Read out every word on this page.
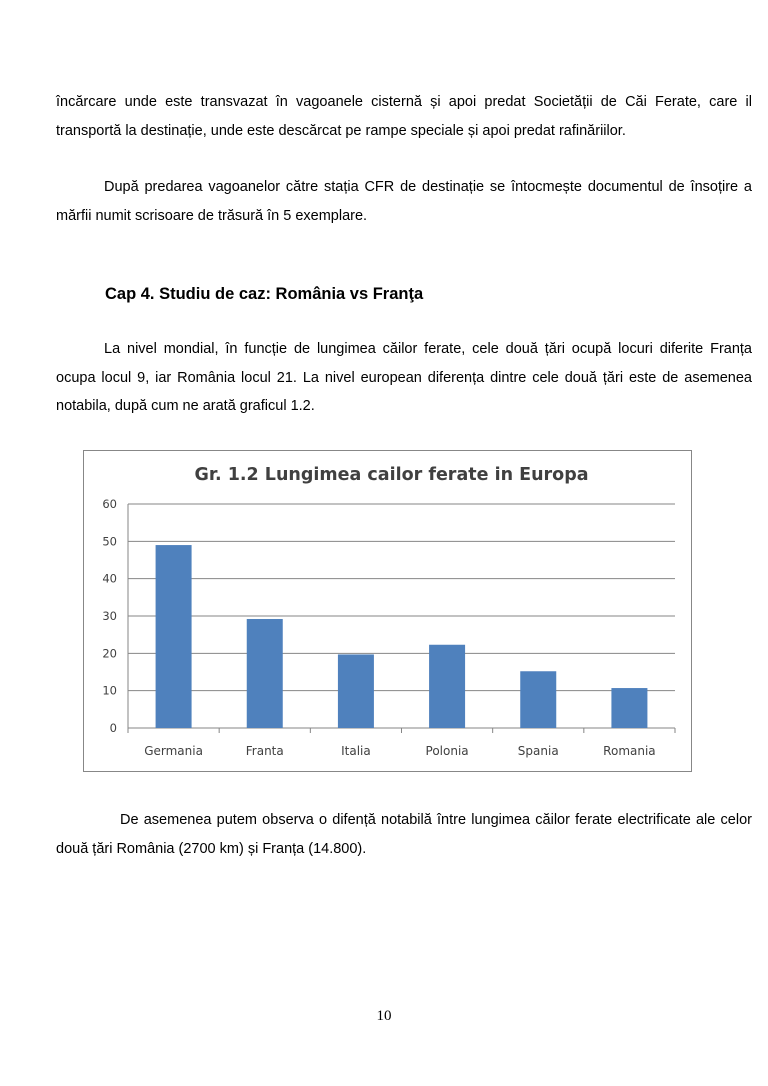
încărcare unde este transvazat în vagoanele cisternă și apoi predat Societății de Căi Ferate, care il transportă la destinație, unde este descărcat pe rampe speciale și apoi predat rafinăriilor.

După predarea vagoanelor către stația CFR de destinație se întocmește documentul de însoțire a mărfii numit scrisoare de trăsură în 5 exemplare.

Cap 4. Studiu de caz: România vs Franţa

La nivel mondial, în funcție de lungimea căilor ferate, cele două țări ocupă locuri diferite Franța ocupa locul 9, iar România locul 21. La nivel european diferența dintre cele două țări este de asemenea notabila, după cum ne arată graficul 1.2.

Gr. 1.2 Lungimea cailor ferate in Europa
0
10
20
30
40
50
60
Germania	Franta	Italia	Polonia	Spania	Romania

De asemenea putem observa o difență notabilă între lungimea căilor ferate electrificate ale celor două țări România (2700 km) și Franța (14.800).

10
